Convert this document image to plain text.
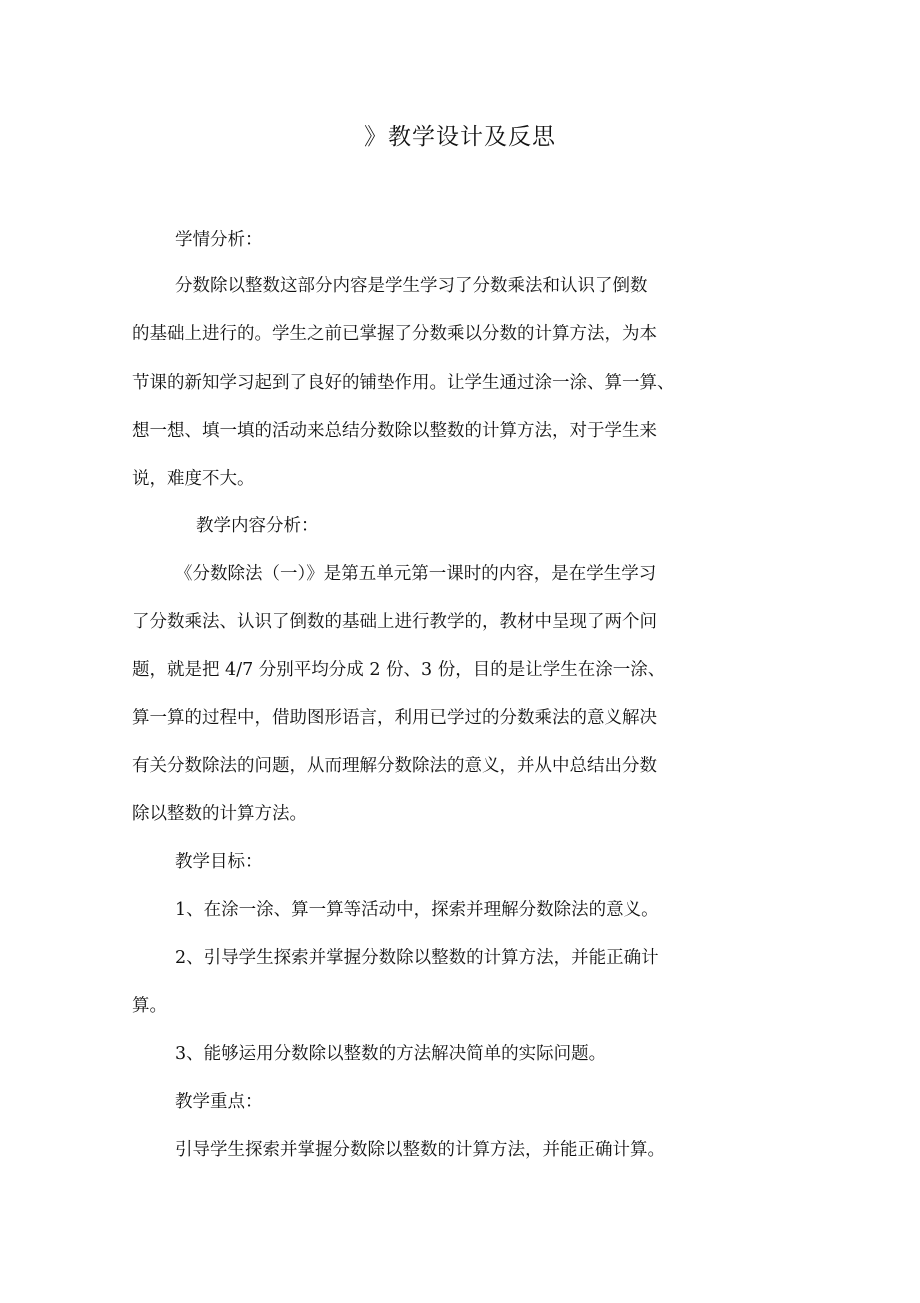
》教学设计及反思

学情分析：

分数除以整数这部分内容是学生学习了分数乘法和认识了倒数

的基础上进行的。学生之前已掌握了分数乘以分数的计算方法，为本

节课的新知学习起到了良好的铺垫作用。让学生通过涂一涂、算一算、

想一想、填一填的活动来总结分数除以整数的计算方法，对于学生来

说，难度不大。

教学内容分析：

《分数除法（一）》是第五单元第一课时的内容，是在学生学习

了分数乘法、认识了倒数的基础上进行教学的，教材中呈现了两个问

题，就是把 4/7 分别平均分成 2 份、3 份，目的是让学生在涂一涂、

算一算的过程中，借助图形语言，利用已学过的分数乘法的意义解决

有关分数除法的问题，从而理解分数除法的意义，并从中总结出分数

除以整数的计算方法。

教学目标：

1、在涂一涂、算一算等活动中，探索并理解分数除法的意义。

2、引导学生探索并掌握分数除以整数的计算方法，并能正确计

算。

3、能够运用分数除以整数的方法解决简单的实际问题。

教学重点：

引导学生探索并掌握分数除以整数的计算方法，并能正确计算。
